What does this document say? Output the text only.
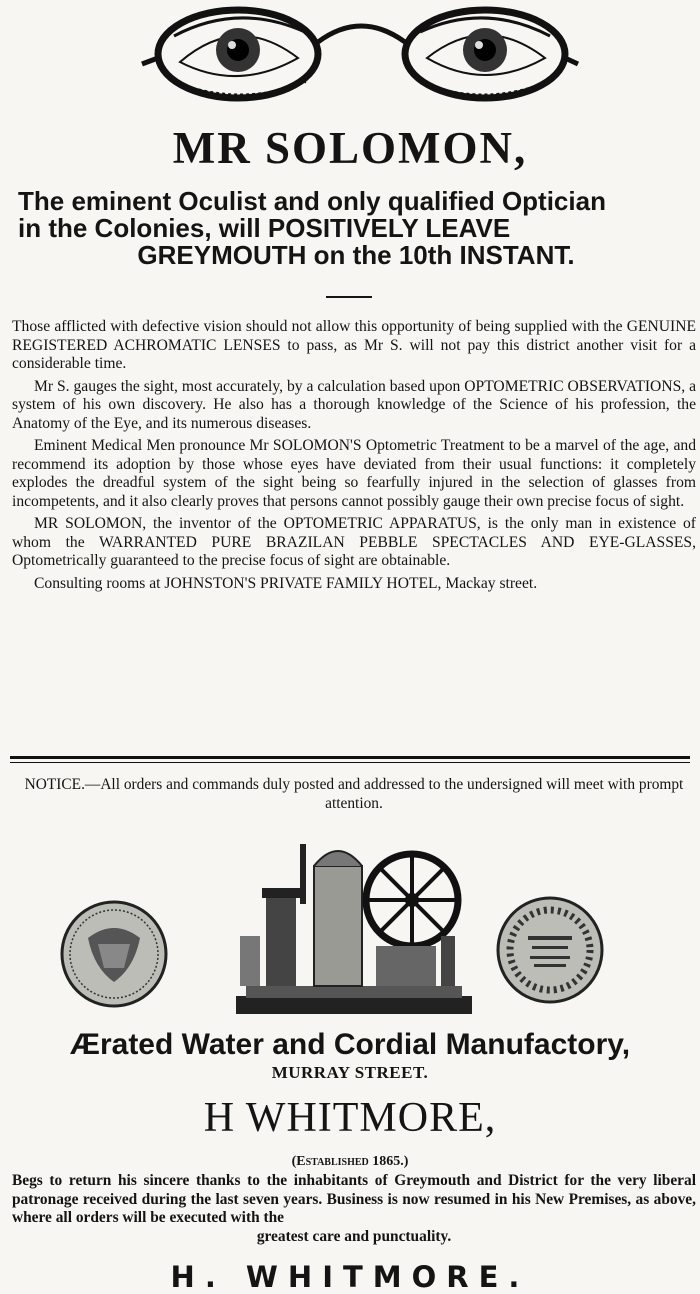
MR SOLOMON,
The eminent Oculist and only qualified Optician
in the Colonies, will POSITIVELY LEAVE
GREYMOUTH on the 10th INSTANT.

Those afflicted with defective vision should not allow this opportunity of being supplied with the GENUINE REGISTERED ACHROMATIC LENSES to pass, as Mr S. will not pay this district another visit for a considerable time.

Mr S. gauges the sight, most accurately, by a calculation based upon OPTOMETRIC OBSERVATIONS, a system of his own discovery. He also has a thorough knowledge of the Science of his profession, the Anatomy of the Eye, and its numerous diseases.

Eminent Medical Men pronounce Mr SOLOMON'S Optometric Treatment to be a marvel of the age, and recommend its adoption by those whose eyes have deviated from their usual functions: it completely explodes the dreadful system of the sight being so fearfully injured in the selection of glasses from incompetents, and it also clearly proves that persons cannot possibly gauge their own precise focus of sight.

MR SOLOMON, the inventor of the OPTOMETRIC APPARATUS, is the only man in existence of whom the WARRANTED PURE BRAZILAN PEBBLE SPECTACLES AND EYE-GLASSES, Optometrically guaranteed to the precise focus of sight are obtainable.

Consulting rooms at JOHNSTON'S PRIVATE FAMILY HOTEL, Mackay street.

NOTICE.—All orders and commands duly posted and addressed to the undersigned will meet with prompt attention.
Ærated Water and Cordial Manufactory,
MURRAY STREET.
H WHITMORE,
(Established 1865.)
Begs to return his sincere thanks to the inhabitants of Greymouth and District for the very liberal patronage received during the last seven years. Business is now resumed in his New Premises, as above, where all orders will be executed with the
greatest care and punctuality.
H. WHITMORE.
